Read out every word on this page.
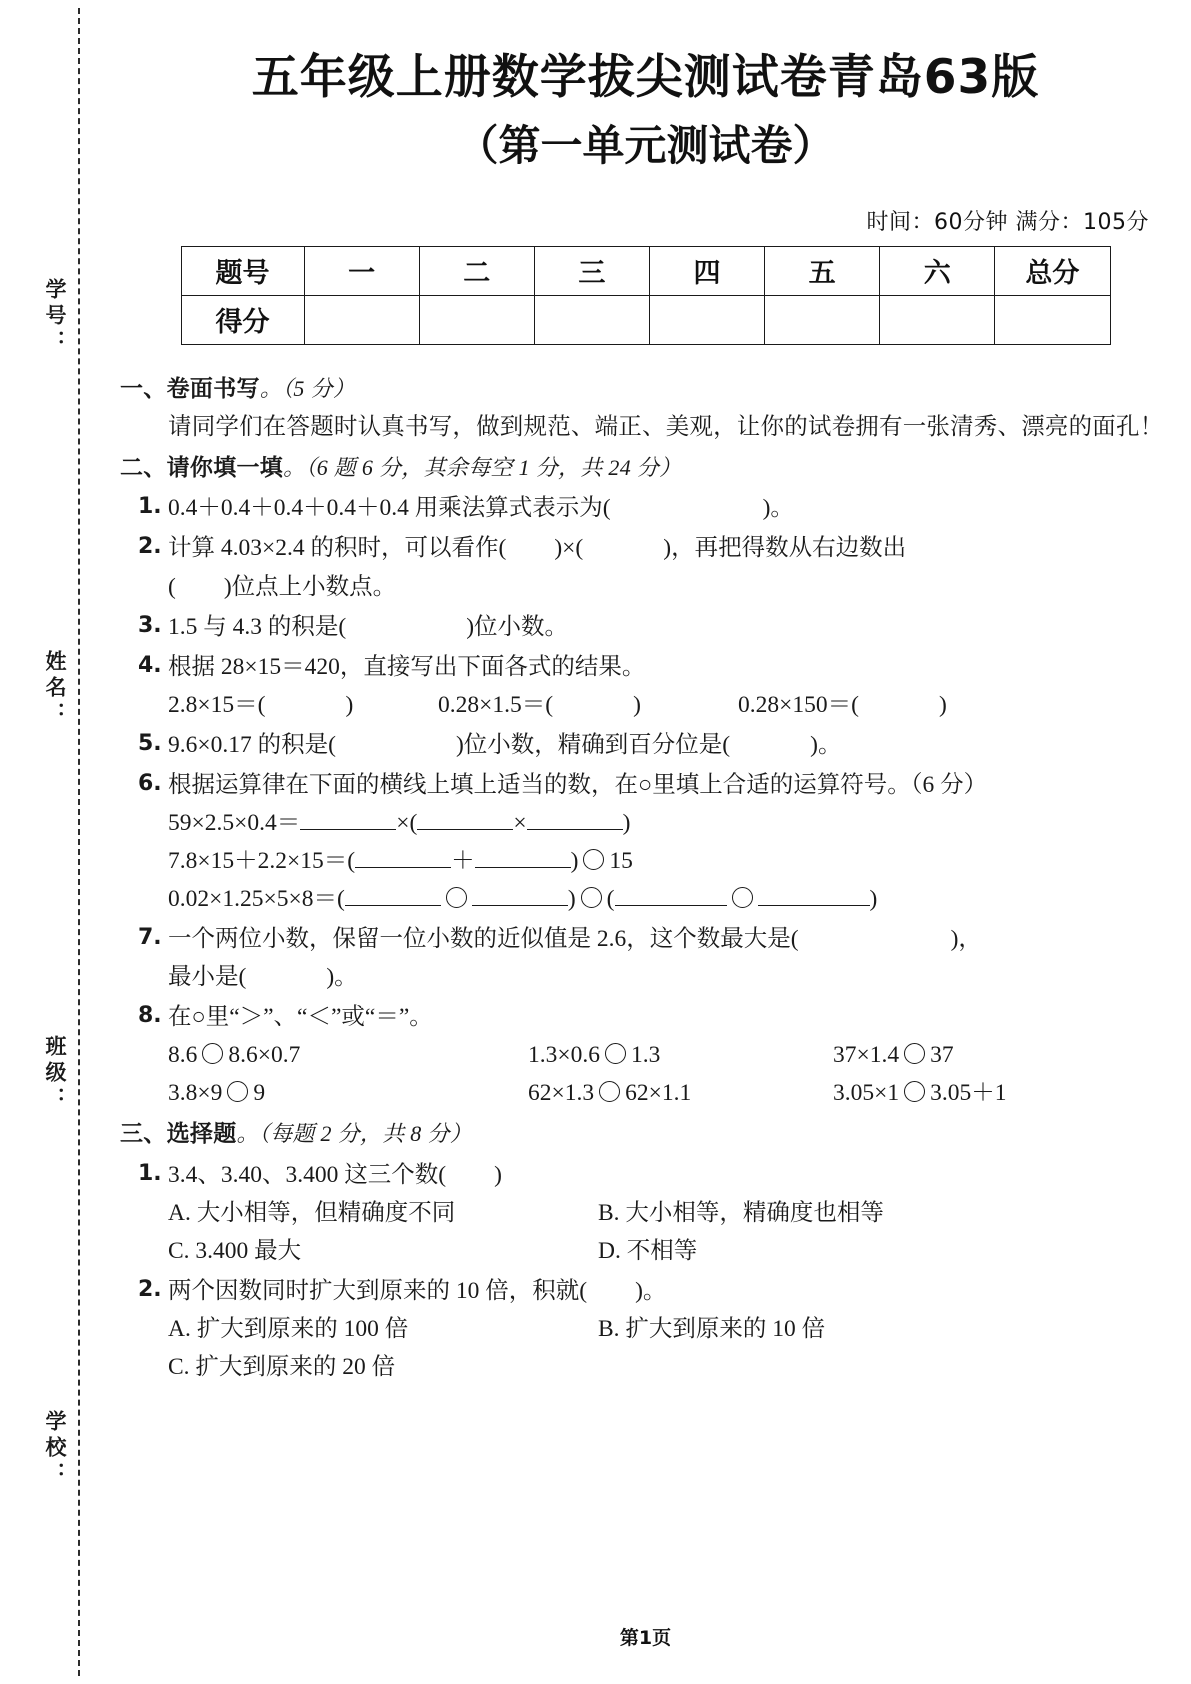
学号：
姓名：
班级：
学校：
五年级上册数学拔尖测试卷青岛63版
（第一单元测试卷）
时间：60分钟 满分：105分
题号	一	二	三	四	五	六	总分
得分							
一、卷面书写。（5 分）
请同学们在答题时认真书写，做到规范、端正、美观，让你的试卷拥有一张清秀、漂亮的面孔！
二、请你填一填。（6 题 6 分，其余每空 1 分，共 24 分）
1. 0.4＋0.4＋0.4＋0.4＋0.4 用乘法算式表示为(	)。
2. 计算 4.03×2.4 的积时，可以看作( )×(	)，再把得数从右边数出
( )位点上小数点。
3. 1.5 与 4.3 的积是(	)位小数。
4. 根据 28×15＝420，直接写出下面各式的结果。
2.8×15＝(	)	0.28×1.5＝(	)	0.28×150＝(	)
5. 9.6×0.17 的积是(	)位小数，精确到百分位是(	)。
6. 根据运算律在下面的横线上填上适当的数，在○里填上合适的运算符号。（6 分）
59×2.5×0.4＝	×(	×	)
7.8×15＋2.2×15＝(	＋	) 15
0.02×1.25×5×8＝(	) (	)
7. 一个两位小数，保留一位小数的近似值是 2.6，这个数最大是(	)，
最小是(	)。
8. 在○里“＞”、“＜”或“＝”。
8.6 8.6×0.7	1.3×0.6 1.3	37×1.4 37
3.8×9 9	62×1.3 62×1.1	3.05×1 3.05＋1
三、选择题。（每题 2 分，共 8 分）
1. 3.4、3.40、3.400 这三个数( )
A. 大小相等，但精确度不同	B. 大小相等，精确度也相等
C. 3.400 最大	D. 不相等
2. 两个因数同时扩大到原来的 10 倍，积就( )。
A. 扩大到原来的 100 倍	B. 扩大到原来的 10 倍
C. 扩大到原来的 20 倍
第1页
